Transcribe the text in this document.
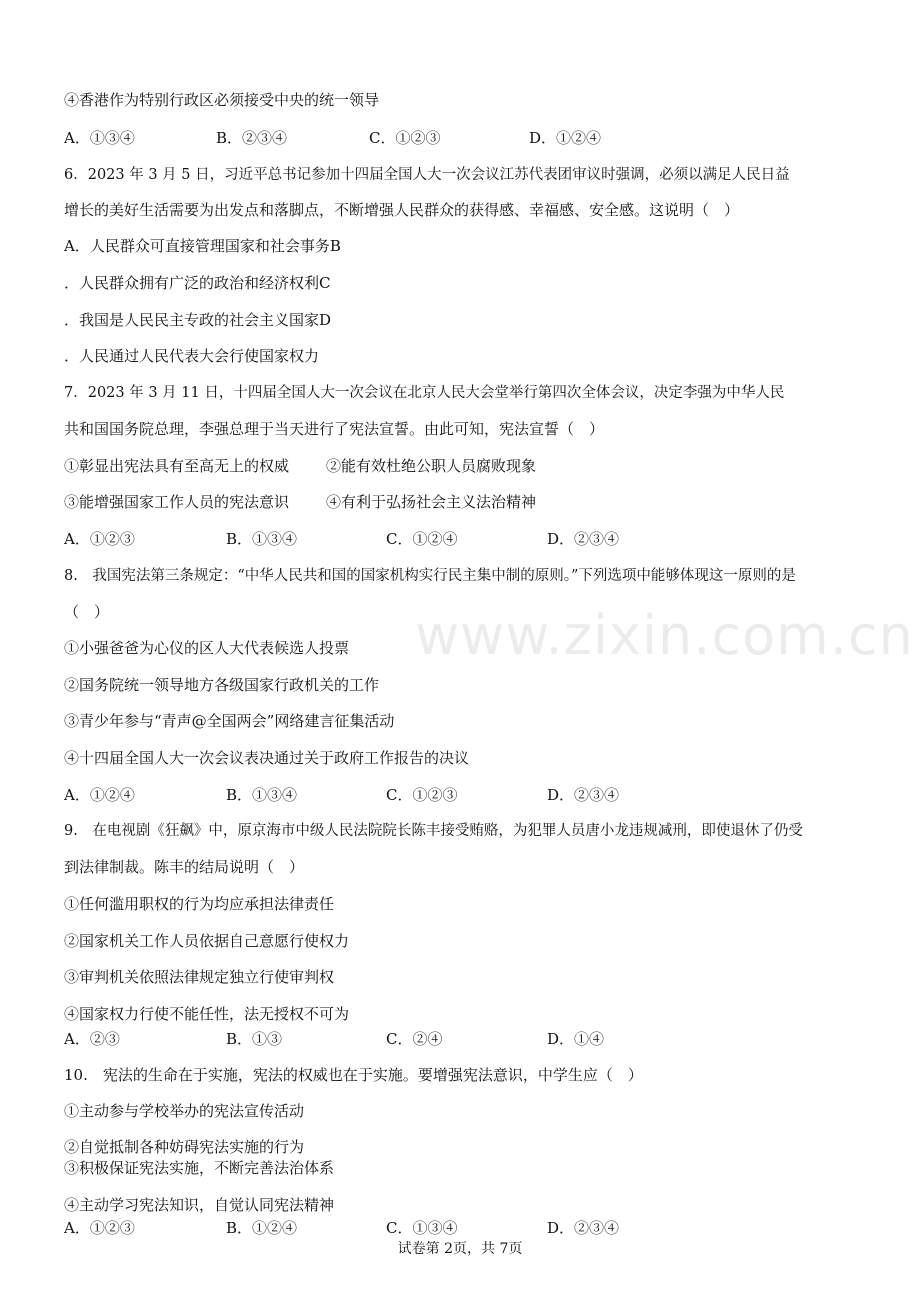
www.zixin.com.cn
④香港作为特别行政区必须接受中央的统一领导
A．①③④	B．②③④	C．①②③	D．①②④
6．2023 年 3 月 5 日，习近平总书记参加十四届全国人大一次会议江苏代表团审议时强调，必须以满足人民日益
增长的美好生活需要为出发点和落脚点，不断增强人民群众的获得感、幸福感、安全感。这说明（　）
A．人民群众可直接管理国家和社会事务B
．人民群众拥有广泛的政治和经济权利C
．我国是人民民主专政的社会主义国家D
．人民通过人民代表大会行使国家权力
7．2023 年 3 月 11 日，十四届全国人大一次会议在北京人民大会堂举行第四次全体会议，决定李强为中华人民
共和国国务院总理，李强总理于当天进行了宪法宣誓。由此可知，宪法宣誓（　）
①彰显出宪法具有至高无上的权威 ②能有效杜绝公职人员腐败现象
③能增强国家工作人员的宪法意识 ④有利于弘扬社会主义法治精神
A．①②③	B．①③④	C．①②④	D．②③④
8.　我国宪法第三条规定：“中华人民共和国的国家机构实行民主集中制的原则。”下列选项中能够体现这一原则的是
（　）
①小强爸爸为心仪的区人大代表候选人投票
②国务院统一领导地方各级国家行政机关的工作
③青少年参与“青声@全国两会”网络建言征集活动
④十四届全国人大一次会议表决通过关于政府工作报告的决议
A．①②④	B．①③④	C．①②③	D．②③④
9.　在电视剧《狂飙》中，原京海市中级人民法院院长陈丰接受贿赂，为犯罪人员唐小龙违规减刑，即使退休了仍受
到法律制裁。陈丰的结局说明（　）
①任何滥用职权的行为均应承担法律责任
②国家机关工作人员依据自己意愿行使权力
③审判机关依照法律规定独立行使审判权
④国家权力行使不能任性，法无授权不可为
A．②③	B．①③	C．②④	D．①④
10.　宪法的生命在于实施，宪法的权威也在于实施。要增强宪法意识，中学生应（　）
①主动参与学校举办的宪法宣传活动
②自觉抵制各种妨碍宪法实施的行为
③积极保证宪法实施，不断完善法治体系
④主动学习宪法知识，自觉认同宪法精神
A．①②③	B．①②④	C．①③④	D．②③④
试卷第 2页，共 7页
